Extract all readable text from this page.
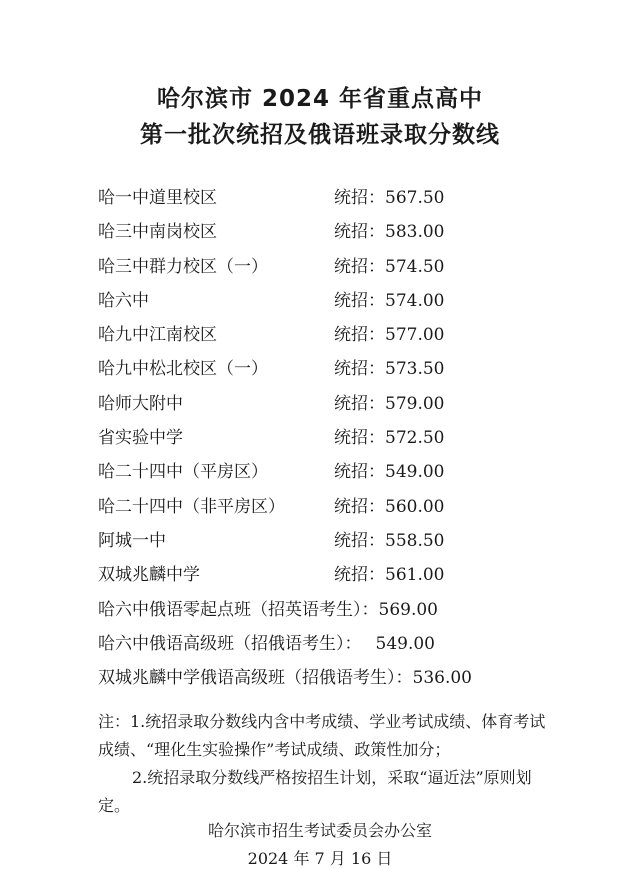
哈尔滨市 2024 年省重点高中
第一批次统招及俄语班录取分数线
哈一中道里校区	统招：567.50
哈三中南岗校区	统招：583.00
哈三中群力校区（一）	统招：574.50
哈六中	统招：574.00
哈九中江南校区	统招：577.00
哈九中松北校区（一）	统招：573.50
哈师大附中	统招：579.00
省实验中学	统招：572.50
哈二十四中（平房区）	统招：549.00
哈二十四中（非平房区）	统招：560.00
阿城一中	统招：558.50
双城兆麟中学	统招：561.00
哈六中俄语零起点班（招英语考生）：569.00
哈六中俄语高级班（招俄语考生）： 549.00
双城兆麟中学俄语高级班（招俄语考生）：536.00

注：1.统招录取分数线内含中考成绩、学业考试成绩、体育考试成绩、“理化生实验操作”考试成绩、政策性加分；

2.统招录取分数线严格按招生计划，采取“逼近法”原则划定。

哈尔滨市招生考试委员会办公室
2024 年 7 月 16 日
